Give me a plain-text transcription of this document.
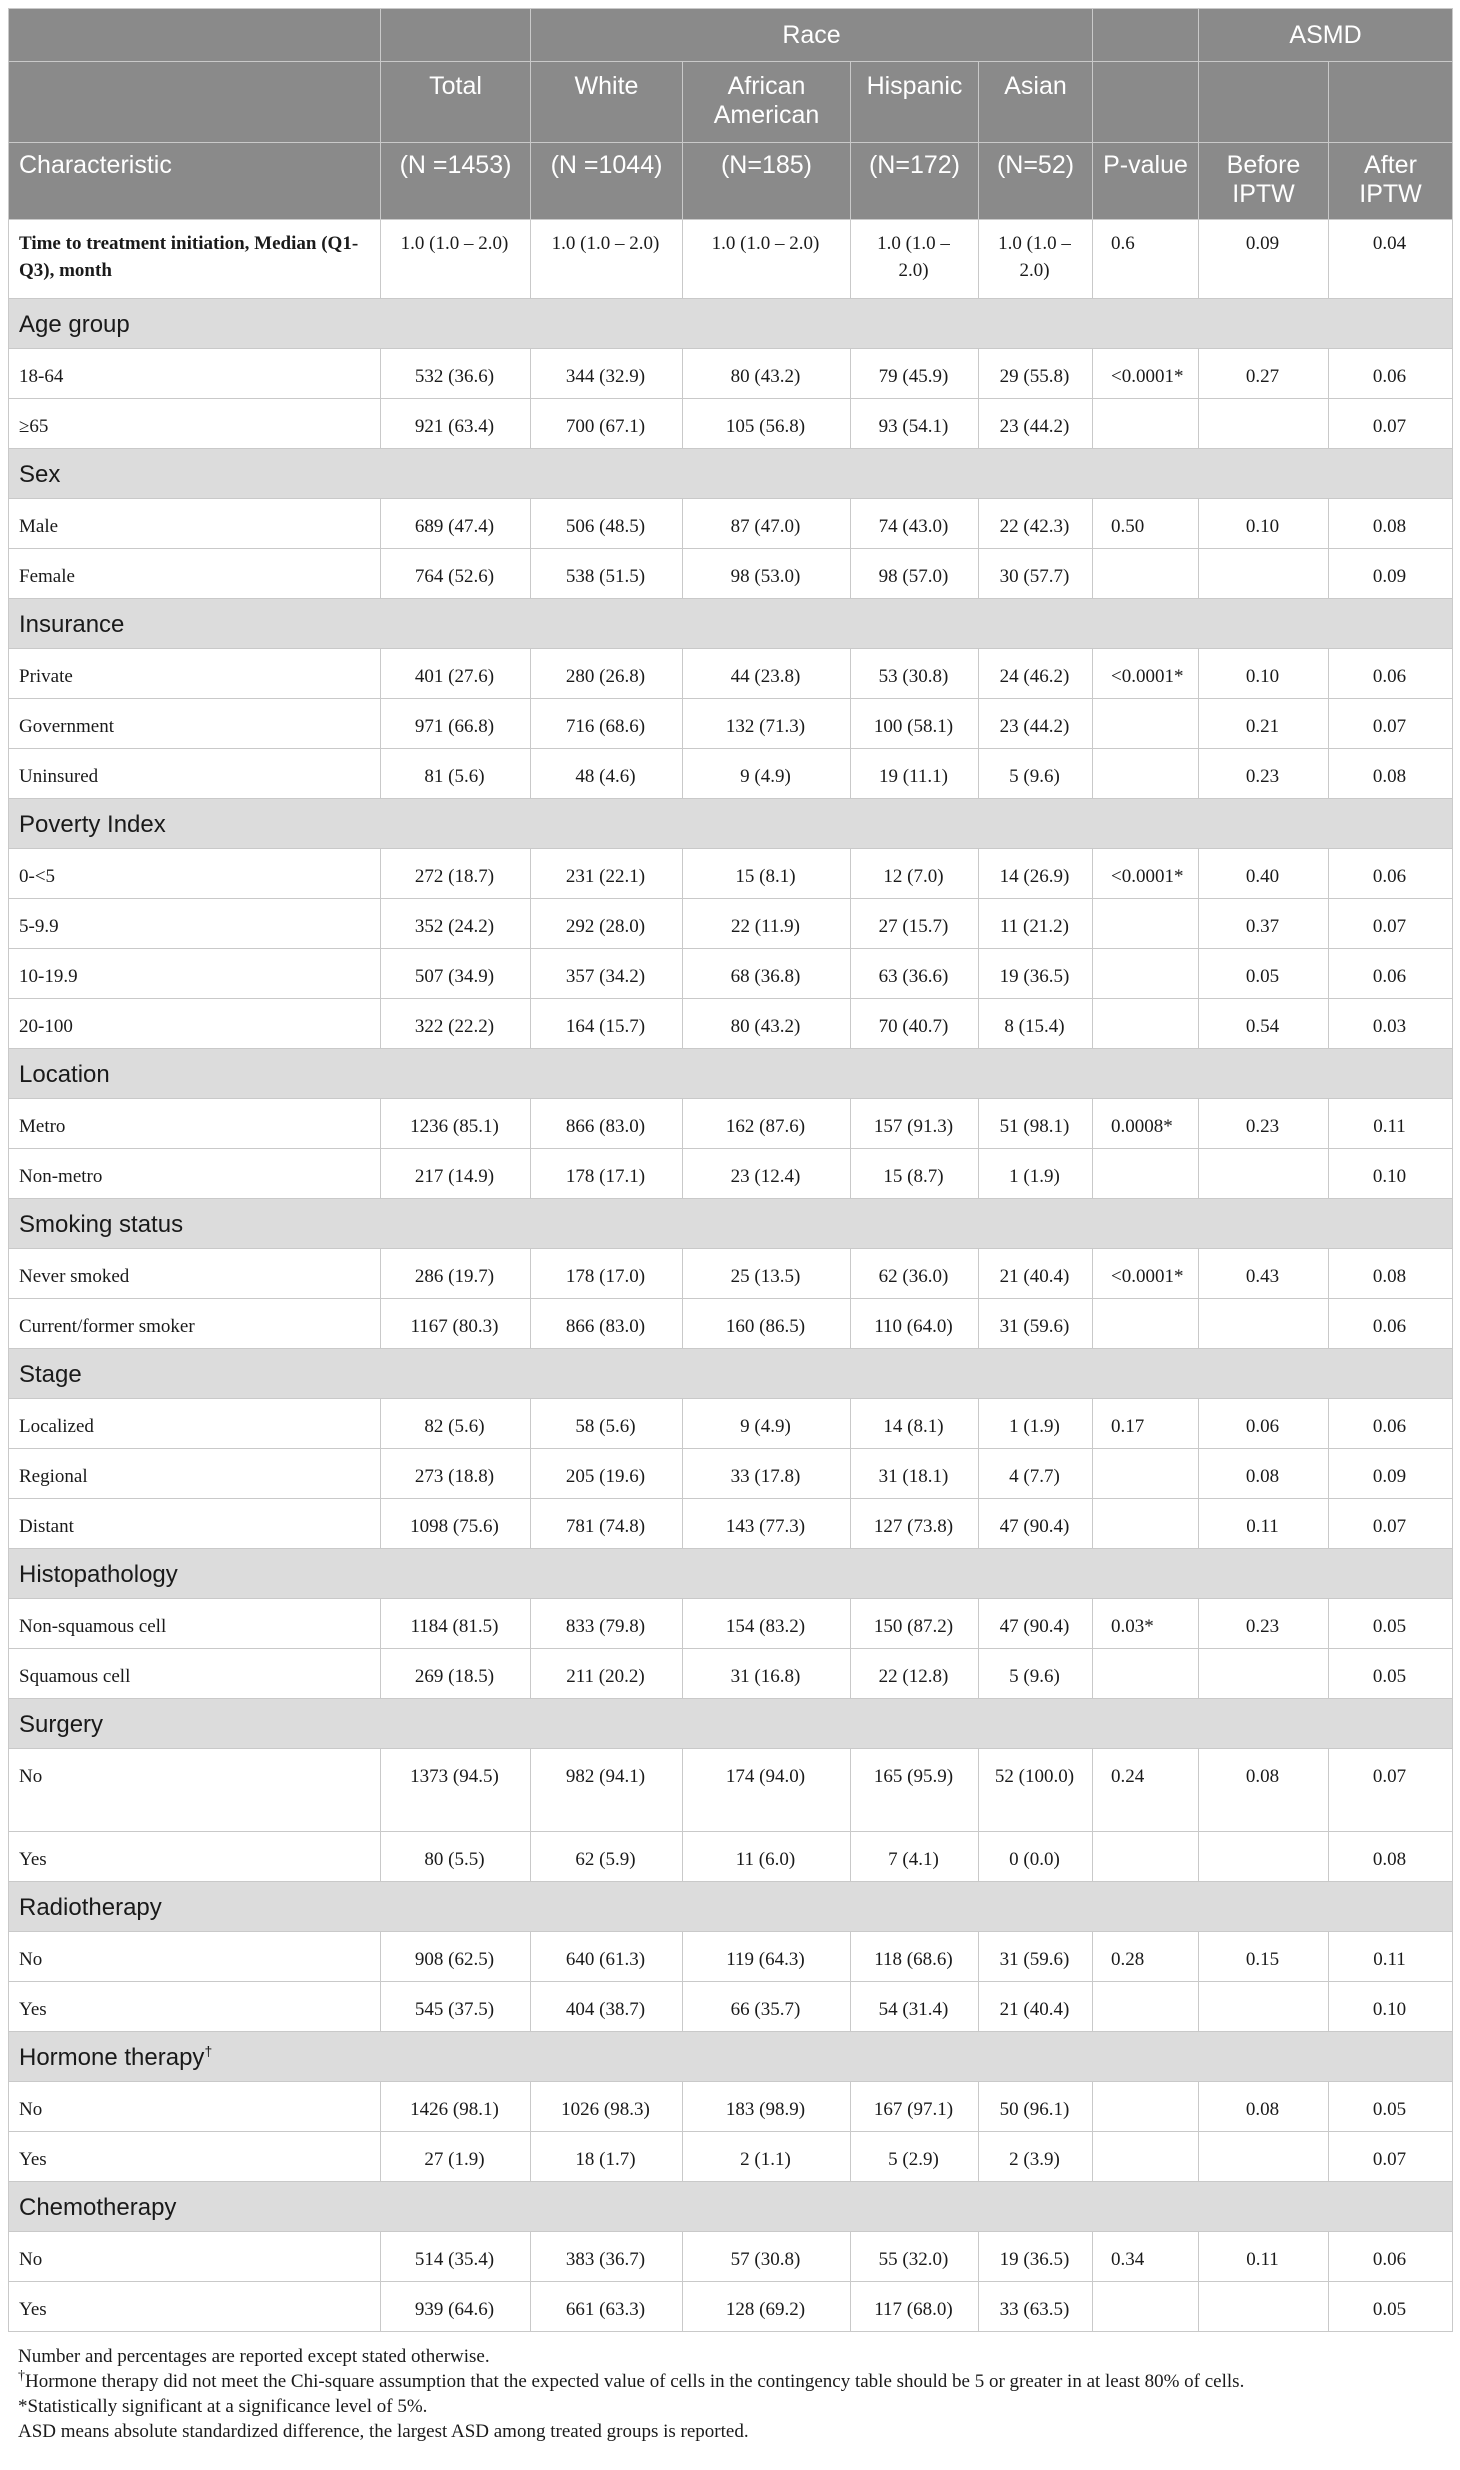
		Race					ASMD	
	Total	White	African American	Hispanic	Asian			
Characteristic	(N =1453)	(N =1044)	(N=185)	(N=172)	(N=52)	P-value	Before IPTW	After IPTW
Time to treatment initiation, Median (Q1-Q3), month	1.0 (1.0 – 2.0)	1.0 (1.0 – 2.0)	1.0 (1.0 – 2.0)	1.0 (1.0 – 2.0)	1.0 (1.0 – 2.0)	0.6	0.09	0.04
Age group								
18-64	532 (36.6)	344 (32.9)	80 (43.2)	79 (45.9)	29 (55.8)	<0.0001*	0.27	0.06
≥65	921 (63.4)	700 (67.1)	105 (56.8)	93 (54.1)	23 (44.2)			0.07
Sex								
Male	689 (47.4)	506 (48.5)	87 (47.0)	74 (43.0)	22 (42.3)	0.50	0.10	0.08
Female	764 (52.6)	538 (51.5)	98 (53.0)	98 (57.0)	30 (57.7)			0.09
Insurance								
Private	401 (27.6)	280 (26.8)	44 (23.8)	53 (30.8)	24 (46.2)	<0.0001*	0.10	0.06
Government	971 (66.8)	716 (68.6)	132 (71.3)	100 (58.1)	23 (44.2)		0.21	0.07
Uninsured	81 (5.6)	48 (4.6)	9 (4.9)	19 (11.1)	5 (9.6)		0.23	0.08
Poverty Index								
0-<5	272 (18.7)	231 (22.1)	15 (8.1)	12 (7.0)	14 (26.9)	<0.0001*	0.40	0.06
5-9.9	352 (24.2)	292 (28.0)	22 (11.9)	27 (15.7)	11 (21.2)		0.37	0.07
10-19.9	507 (34.9)	357 (34.2)	68 (36.8)	63 (36.6)	19 (36.5)		0.05	0.06
20-100	322 (22.2)	164 (15.7)	80 (43.2)	70 (40.7)	8 (15.4)		0.54	0.03
Location								
Metro	1236 (85.1)	866 (83.0)	162 (87.6)	157 (91.3)	51 (98.1)	0.0008*	0.23	0.11
Non-metro	217 (14.9)	178 (17.1)	23 (12.4)	15 (8.7)	1 (1.9)			0.10
Smoking status								
Never smoked	286 (19.7)	178 (17.0)	25 (13.5)	62 (36.0)	21 (40.4)	<0.0001*	0.43	0.08
Current/former smoker	1167 (80.3)	866 (83.0)	160 (86.5)	110 (64.0)	31 (59.6)			0.06
Stage								
Localized	82 (5.6)	58 (5.6)	9 (4.9)	14 (8.1)	1 (1.9)	0.17	0.06	0.06
Regional	273 (18.8)	205 (19.6)	33 (17.8)	31 (18.1)	4 (7.7)		0.08	0.09
Distant	1098 (75.6)	781 (74.8)	143 (77.3)	127 (73.8)	47 (90.4)		0.11	0.07
Histopathology								
Non-squamous cell	1184 (81.5)	833 (79.8)	154 (83.2)	150 (87.2)	47 (90.4)	0.03*	0.23	0.05
Squamous cell	269 (18.5)	211 (20.2)	31 (16.8)	22 (12.8)	5 (9.6)			0.05
Surgery								
No	1373 (94.5)	982 (94.1)	174 (94.0)	165 (95.9)	52 (100.0)	0.24	0.08	0.07
Yes	80 (5.5)	62 (5.9)	11 (6.0)	7 (4.1)	0 (0.0)			0.08
Radiotherapy								
No	908 (62.5)	640 (61.3)	119 (64.3)	118 (68.6)	31 (59.6)	0.28	0.15	0.11
Yes	545 (37.5)	404 (38.7)	66 (35.7)	54 (31.4)	21 (40.4)			0.10
Hormone therapy†
No	1426 (98.1)	1026 (98.3)	183 (98.9)	167 (97.1)	50 (96.1)		0.08	0.05
Yes	27 (1.9)	18 (1.7)	2 (1.1)	5 (2.9)	2 (3.9)			0.07
Chemotherapy								
No	514 (35.4)	383 (36.7)	57 (30.8)	55 (32.0)	19 (36.5)	0.34	0.11	0.06
Yes	939 (64.6)	661 (63.3)	128 (69.2)	117 (68.0)	33 (63.5)			0.05
Number and percentages are reported except stated otherwise.
†Hormone therapy did not meet the Chi-square assumption that the expected value of cells in the contingency table should be 5 or greater in at least 80% of cells.
*Statistically significant at a significance level of 5%.
ASD means absolute standardized difference, the largest ASD among treated groups is reported.
